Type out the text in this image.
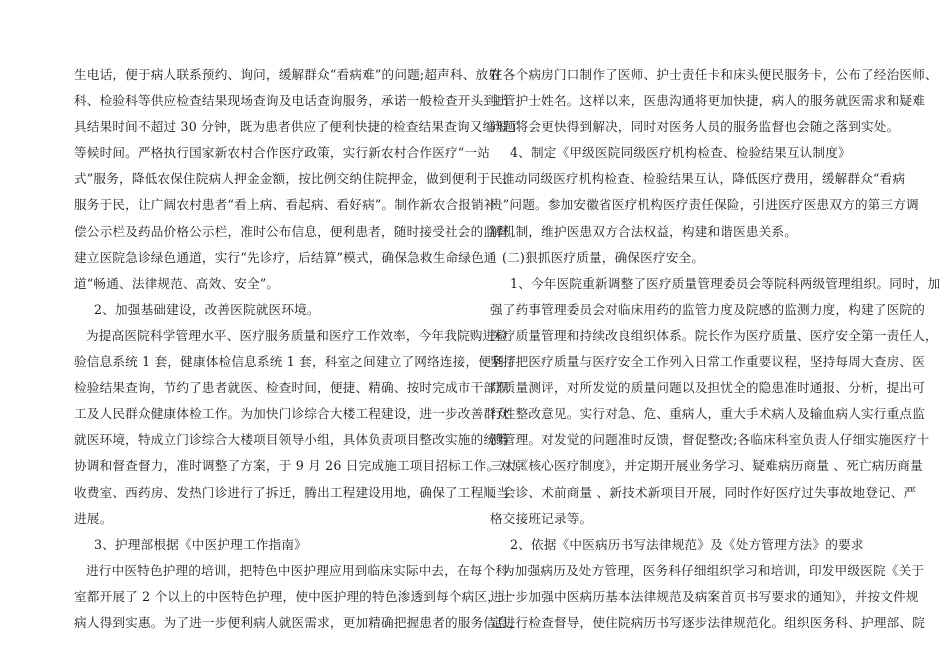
生电话，便于病人联系预约、询问，缓解群众“看病难”的问题;超声科、放射
科、检验科等供应检查结果现场查询及电话查询服务，承诺一般检查开头到出
具结果时间不超过 30 分钟，既为患者供应了便利快捷的检查结果查询又缩短了
等候时间。严格执行国家新农村合作医疗政策，实行新农村合作医疗“一站
式”服务，降低农保住院病人押金金额，按比例交纳住院押金，做到便利于民、
服务于民，让广阔农村患者“看上病、看起病、看好病”。制作新农合报销补
偿公示栏及药品价格公示栏，准时公布信息，便利患者，随时接受社会的监督。
建立医院急诊绿色通道，实行“先诊疗，后结算”模式，确保急救生命绿色通
道“畅通、法律规范、高效、安全”。
2、加强基础建设，改善医院就医环境。
为提高医院科学管理水平、医疗服务质量和医疗工作效率，今年我院购进检
验信息系统 1 套，健康体检信息系统 1 套，科室之间建立了网络连接，便利了
检验结果查询，节约了患者就医、检查时间，便捷、精确、按时完成市干部职
工及人民群众健康体检工作。为加快门诊综合大楼工程建设，进一步改善群众
就医环境，特成立门诊综合大楼项目领导小组，具体负责项目整改实施的统筹
协调和督查督力，准时调整了方案，于 9 月 26 日完成施工项目招标工作。对原
收费室、西药房、发热门诊进行了拆迁，腾出工程建设用地，确保了工程顺当
进展。
3、护理部根据《中医护理工作指南》
进行中医特色护理的培训，把特色中医护理应用到临床实际中去，在每个科
室都开展了 2 个以上的中医特色护理，使中医护理的特色渗透到每个病区，让
病人得到实惠。为了进一步便利病人就医需求，更加精确把握患者的服务信息，
在各个病房门口制作了医师、护士责任卡和床头便民服务卡，公布了经治医师、
主管护士姓名。这样以来，医患沟通将更加快捷，病人的服务就医需求和疑难
问题将会更快得到解决，同时对医务人员的服务监督也会随之落到实处。
4、制定《甲级医院同级医疗机构检查、检验结果互认制度》
推动同级医疗机构检查、检验结果互认，降低医疗费用，缓解群众“看病
贵”问题。参加安徽省医疗机构医疗责任保险，引进医疗医患双方的第三方调
解机制，维护医患双方合法权益，构建和谐医患关系。
(二)狠抓医疗质量，确保医疗安全。
1、今年医院重新调整了医疗质量管理委员会等院科两级管理组织。同时，加
强了药事管理委员会对临床用药的监管力度及院感的监测力度，构建了医院的
医疗质量管理和持续改良组织体系。院长作为医疗质量、医疗安全第一责任人，
坚持把医疗质量与医疗安全工作列入日常工作重要议程，坚持每周大查房、医
疗质量测评，对所发觉的质量问题以及担忧全的隐患准时通报、分析，提出可
行性整改意见。实行对急、危、重病人，重大手术病人及输血病人实行重点监
测管理。对发觉的问题准时反馈，督促整改;各临床科室负责人仔细实施医疗十
三大《核心医疗制度》，并定期开展业务学习、疑难病历商量 、死亡病历商量
、会诊、术前商量 、新技术新项目开展，同时作好医疗过失事故地登记、严
格交接班记录等。
2、依据《中医病历书写法律规范》及《处方管理方法》的要求
为加强病历及处方管理，医务科仔细组织学习和培训，印发甲级医院《关于
进一步加强中医病历基本法律规范及病案首页书写要求的通知》，并按文件规
定进行检查督导，使住院病历书写逐步法律规范化。组织医务科、护理部、院
